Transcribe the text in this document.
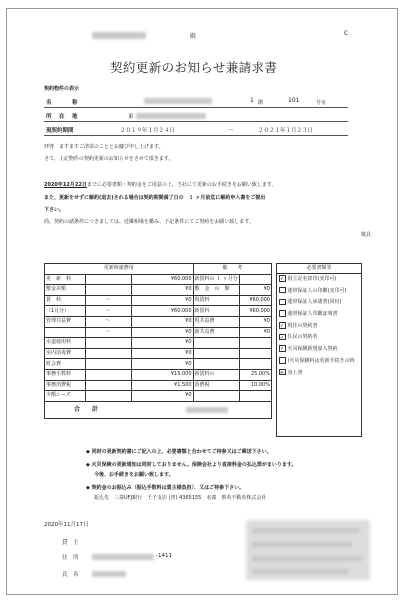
殿	C
契約更新のお知らせ兼請求書
契約物件の表示
名　　　称	1 階	101	号室
所　在　地	東
現契約期間	２０１９年１月２４日	～	２０２１年１月２３日
拝啓　ますますご清栄のこととお慶び申し上げます。
さて、上記物件の契約更新のお知らせをさせて頂きます。
2020年12月22日までに必要書類・契約金をご用意の上、当社にて更新のお手続きをお願い致します。
また、更新をせずに解約(退去)される場合は契約期間満了日の　１ ヶ月前迄に解約申入書をご提出
下さい。
尚、契約の諸条件につきましては、近隣相場を鑑み、下記条件にてご契約をお願い致します。
敬具
更新時諸費用			備　　考	
更　新　料		¥60,000	新賃料の １ ヶ月分	
敷金差額		¥0	敷　金　の　額	¥0
賃　料	～	¥0	現賃料	¥60,000
（1月分）	～	¥60,000	新賃料	¥60,000
管理共益費	～	¥0	現共益費	¥0
	～	¥0	新共益費	¥0
水道使用料		¥0		
室内消毒費		¥0		
町会費		¥0		
事務手数料		¥15,000	新賃料の	25.00%
事務消費税		¥1,500	消費税	10.00%
少額シーズ		¥0		
合　　計				
必要書類等
✓借主記名捺印(実印可)
連帯保証人の印鑑(実印可)
連帯保証人承諾書(同封)
連帯保証人印鑑証明書
✓現住の契約書
✓住民の契約者
✓火災保険新規加入契約
(火災保険料は更新手続きの時に) ✓ 身上書
◆ 同封の更新契約書にご記入の上、必要書類と合わせてご持参又はご郵送下さい。
◆ 火災保険の更新通知は同封しておりません。保険会社より直接料金の払込票がまいります。
今後、お手続きをお願い致します。
◆ 契約金のお振込み（振込手数料は貴主様負担）、又はご持参下さい。
振込先　三菱UFJ銀行　王子支店 (普) 4365155　名義　蔡英不動産株式会社
2020年11月17日
貸　主
住　所	-1411
氏　名
